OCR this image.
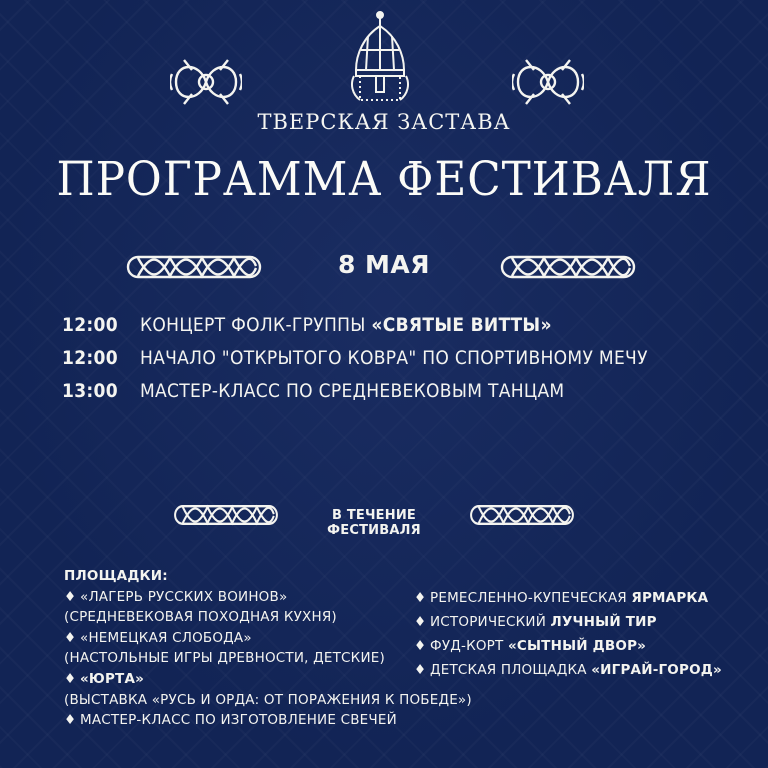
ТВЕРСКАЯ ЗАСТАВА
ПРОГРАММА ФЕСТИВАЛЯ
8 МАЯ
12:00	КОНЦЕРТ ФОЛК-ГРУППЫ «СВЯТЫЕ ВИТТЫ»
12:00	НАЧАЛО "ОТКРЫТОГО КОВРА" ПО СПОРТИВНОМУ МЕЧУ
13:00	МАСТЕР-КЛАСС ПО СРЕДНЕВЕКОВЫМ ТАНЦАМ
В ТЕЧЕНИЕ ФЕСТИВАЛЯ
ПЛОЩАДКИ:
♦ «ЛАГЕРЬ РУССКИХ ВОИНОВ»
(СРЕДНЕВЕКОВАЯ ПОХОДНАЯ КУХНЯ)
♦ «НЕМЕЦКАЯ СЛОБОДА»
(НАСТОЛЬНЫЕ ИГРЫ ДРЕВНОСТИ, ДЕТСКИЕ)
♦ «ЮРТА»
(ВЫСТАВКА «РУСЬ И ОРДА: ОТ ПОРАЖЕНИЯ К ПОБЕДЕ»)
♦ МАСТЕР-КЛАСС ПО ИЗГОТОВЛЕНИЕ СВЕЧЕЙ
♦ РЕМЕСЛЕННО-КУПЕЧЕСКАЯ ЯРМАРКА
♦ ИСТОРИЧЕСКИЙ ЛУЧНЫЙ ТИР
♦ ФУД-КОРТ «СЫТНЫЙ ДВОР»
♦ ДЕТСКАЯ ПЛОЩАДКА «ИГРАЙ-ГОРОД»
